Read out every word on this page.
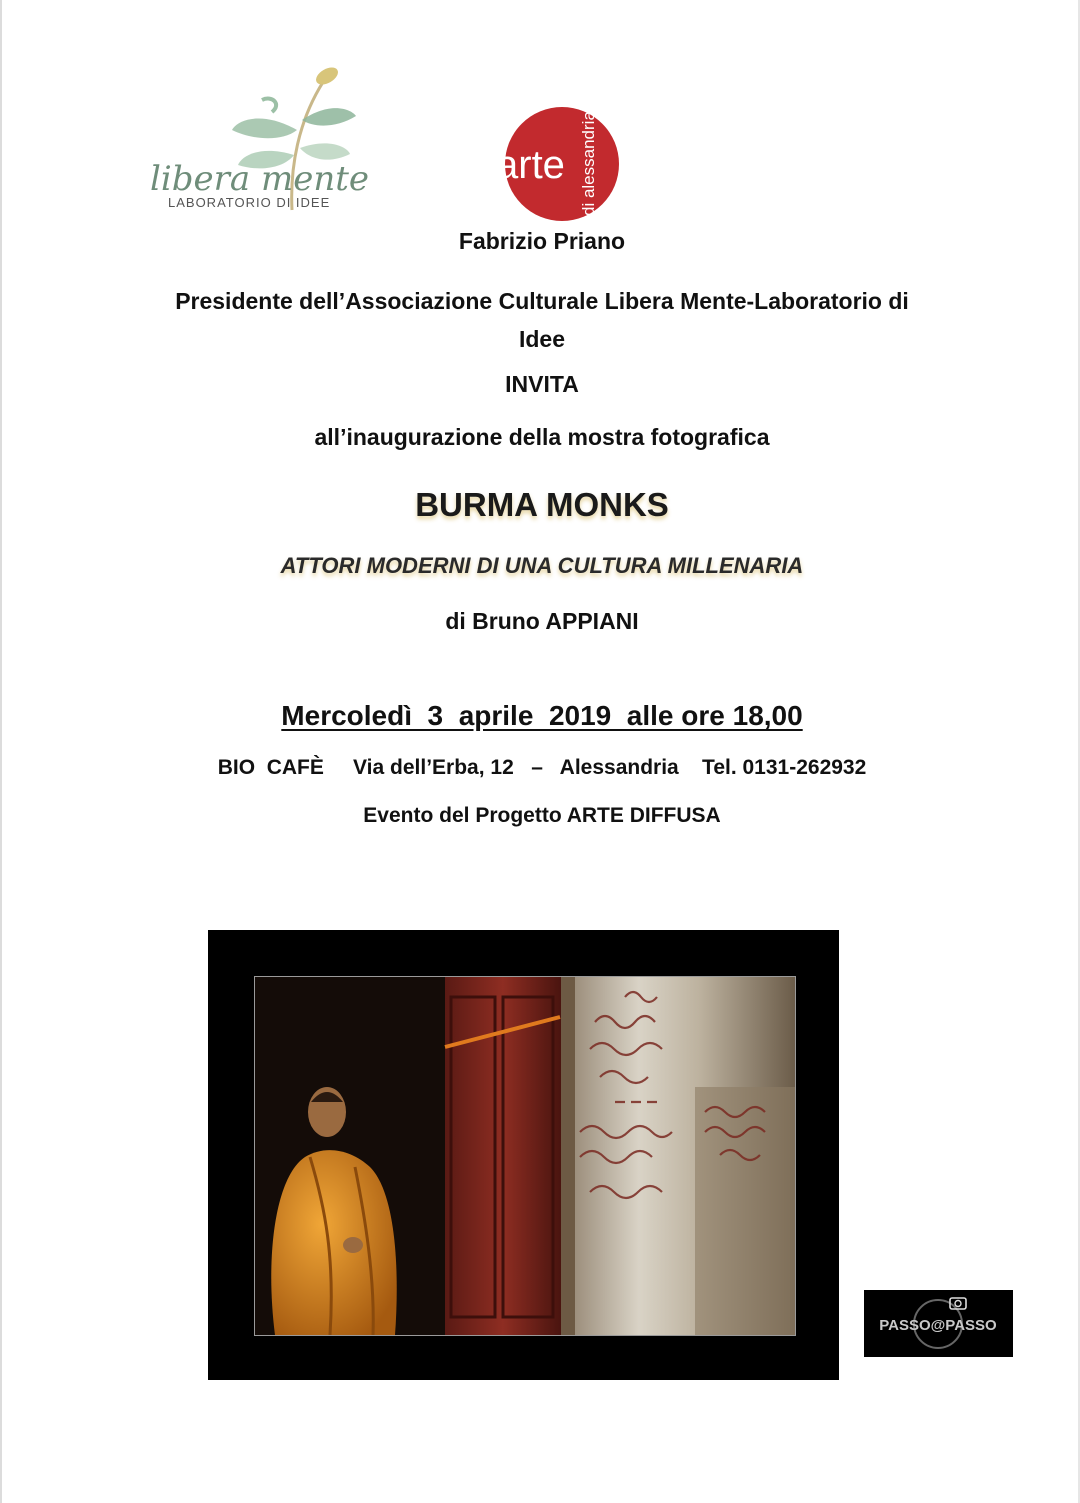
libera mente
LABORATORIO DI IDEE
arte di alessandria
Fabrizio Priano
Presidente dell’Associazione Culturale Libera Mente-Laboratorio di
Idee
INVITA
all’inaugurazione della mostra fotografica
BURMA MONKS
ATTORI MODERNI DI UNA CULTURA MILLENARIA
di Bruno APPIANI
Mercoledì  3  aprile  2019  alle ore 18,00
BIO  CAFÈ     Via dell’Erba, 12   –   Alessandria    Tel. 0131-262932
Evento del Progetto ARTE DIFFUSA
PASSO@PASSO
